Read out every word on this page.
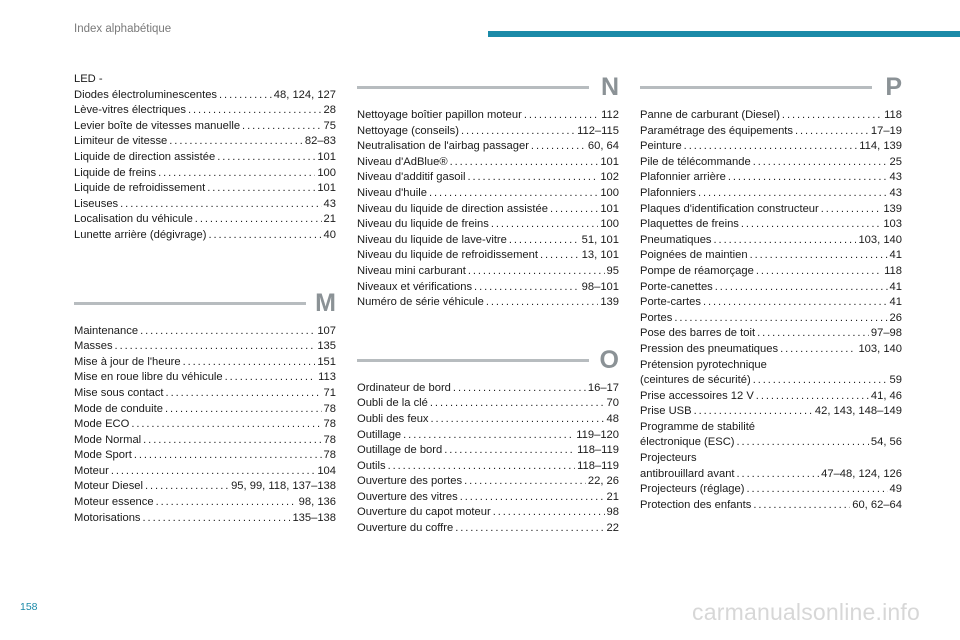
Index alphabétique
LED -
Diodes électroluminescentes . . .	48, 124, 127
Lève-vitres électriques . . .	28
Levier boîte de vitesses manuelle . . .	75
Limiteur de vitesse . . .	82–83
Liquide de direction assistée . . .	101
Liquide de freins . . .	100
Liquide de refroidissement . . .	101
Liseuses . . .	43
Localisation du véhicule . . .	21
Lunette arrière (dégivrage) . . .	40
M
Maintenance . . .	107
Masses . . .	135
Mise à jour de l'heure . . .	151
Mise en roue libre du véhicule . . .	113
Mise sous contact . . .	71
Mode de conduite . . .	78
Mode ECO . . .	78
Mode Normal . . .	78
Mode Sport . . .	78
Moteur . . .	104
Moteur Diesel . . .	95, 99, 118, 137–138
Moteur essence . . .	98, 136
Motorisations . . .	135–138
N
Nettoyage boîtier papillon moteur . . .	112
Nettoyage (conseils) . . .	112–115
Neutralisation de l'airbag passager . . .	60, 64
Niveau d'AdBlue® . . .	101
Niveau d'additif gasoil . . .	102
Niveau d'huile . . .	100
Niveau du liquide de direction assistée . . .	101
Niveau du liquide de freins . . .	100
Niveau du liquide de lave-vitre . . .	51, 101
Niveau du liquide de refroidissement . . .	13, 101
Niveau mini carburant . . .	95
Niveaux et vérifications . . .	98–101
Numéro de série véhicule . . .	139
O
Ordinateur de bord . . .	16–17
Oubli de la clé . . .	70
Oubli des feux . . .	48
Outillage . . .	119–120
Outillage de bord . . .	118–119
Outils . . .	118–119
Ouverture des portes . . .	22, 26
Ouverture des vitres . . .	21
Ouverture du capot moteur . . .	98
Ouverture du coffre . . .	22
P
Panne de carburant (Diesel) . . .	118
Paramétrage des équipements . . .	17–19
Peinture . . .	114, 139
Pile de télécommande . . .	25
Plafonnier arrière . . .	43
Plafonniers . . .	43
Plaques d'identification constructeur . . .	139
Plaquettes de freins . . .	103
Pneumatiques . . .	103, 140
Poignées de maintien . . .	41
Pompe de réamorçage . . .	118
Porte-canettes . . .	41
Porte-cartes . . .	41
Portes . . .	26
Pose des barres de toit . . .	97–98
Pression des pneumatiques . . .	103, 140
Prétension pyrotechnique
(ceintures de sécurité) . . .	59
Prise accessoires 12 V . . .	41, 46
Prise USB . . .	42, 143, 148–149
Programme de stabilité
électronique (ESC) . . .	54, 56
Projecteurs
antibrouillard avant . . .	47–48, 124, 126
Projecteurs (réglage) . . .	49
Protection des enfants . . .	60, 62–64
158	carmanualsonline.info
